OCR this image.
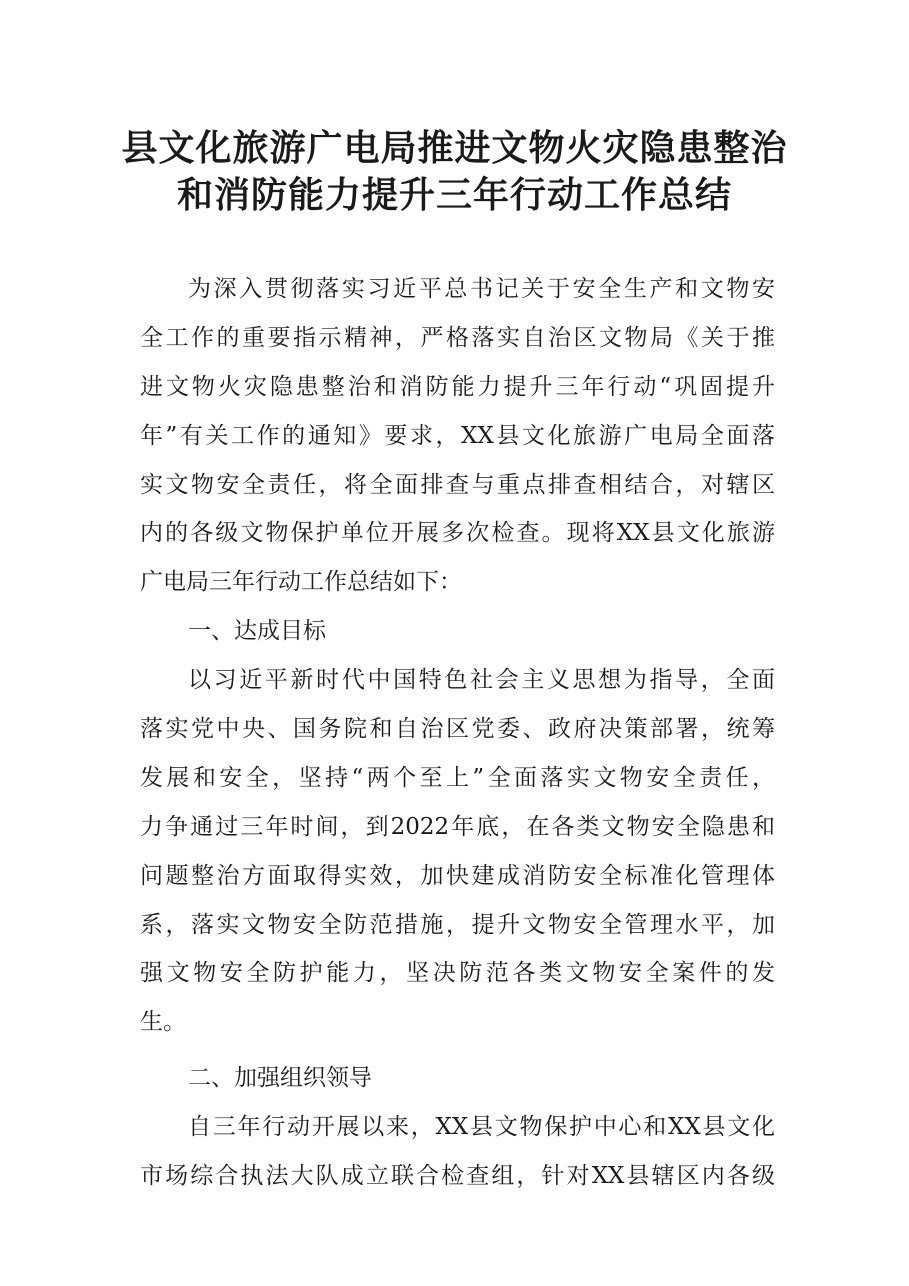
县文化旅游广电局推进文物火灾隐患整治
和消防能力提升三年行动工作总结
为深入贯彻落实习近平总书记关于安全生产和文物安
全工作的重要指示精神，严格落实自治区文物局《关于推
进文物火灾隐患整治和消防能力提升三年行动“巩固提升
年”有关工作的通知》要求，XX县文化旅游广电局全面落
实文物安全责任，将全面排查与重点排查相结合，对辖区
内的各级文物保护单位开展多次检查。现将XX县文化旅游
广电局三年行动工作总结如下：
一、达成目标
以习近平新时代中国特色社会主义思想为指导，全面
落实党中央、国务院和自治区党委、政府决策部署，统筹
发展和安全，坚持“两个至上”全面落实文物安全责任，
力争通过三年时间，到2022年底，在各类文物安全隐患和
问题整治方面取得实效，加快建成消防安全标准化管理体
系，落实文物安全防范措施，提升文物安全管理水平，加
强文物安全防护能力，坚决防范各类文物安全案件的发
生。
二、加强组织领导
自三年行动开展以来，XX县文物保护中心和XX县文化
市场综合执法大队成立联合检查组，针对XX县辖区内各级
